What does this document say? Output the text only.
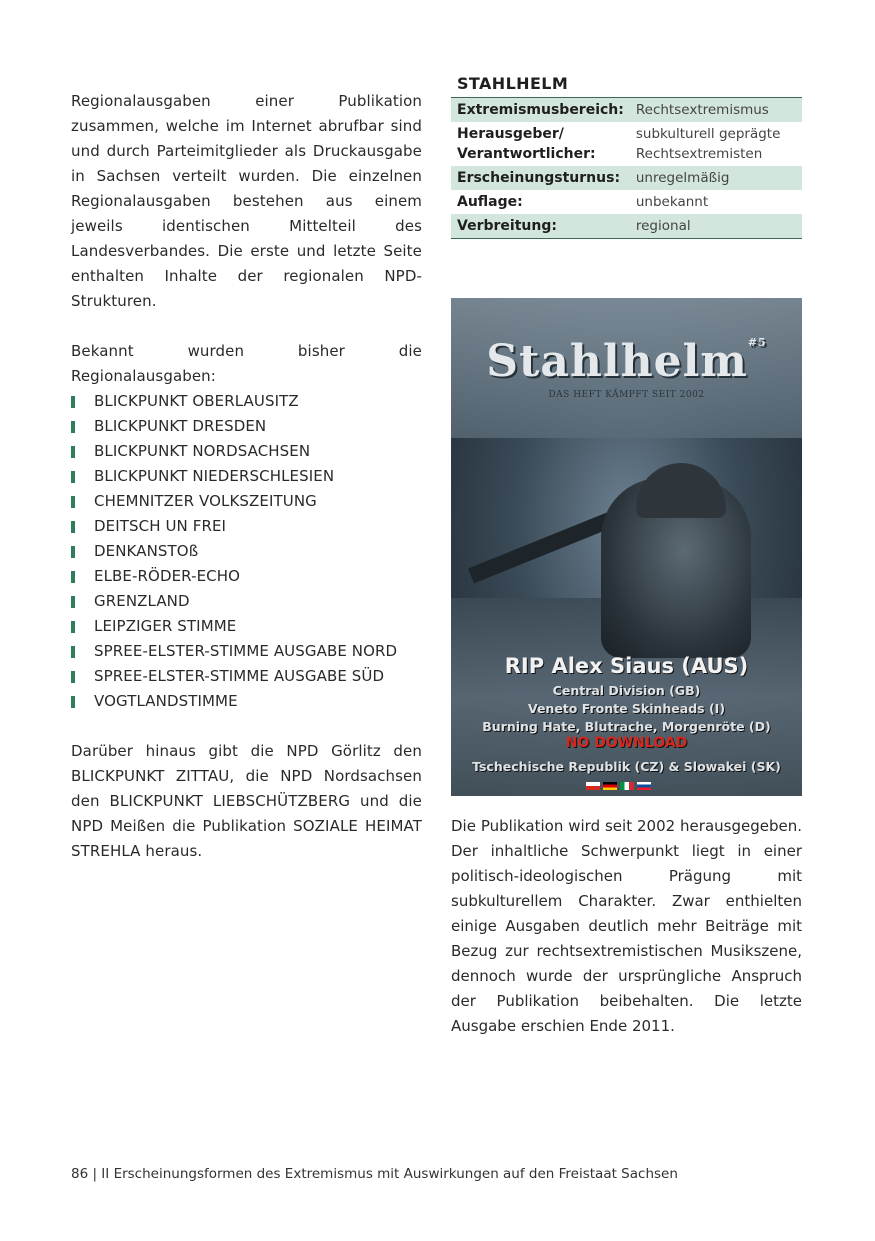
Regionalausgaben einer Publikation zusammen, welche im Internet abrufbar sind und durch Parteimitglieder als Druckausgabe in Sachsen verteilt wurden. Die einzelnen Regionalausgaben bestehen aus einem jeweils identischen Mittelteil des Landesverbandes. Die erste und letzte Seite enthalten Inhalte der regionalen NPD-Strukturen.

Bekannt wurden bisher die Regionalausgaben:

BLICKPUNKT OBERLAUSITZ
BLICKPUNKT DRESDEN
BLICKPUNKT NORDSACHSEN
BLICKPUNKT NIEDERSCHLESIEN
CHEMNITZER VOLKSZEITUNG
DEITSCH UN FREI
DENKANSTOß
ELBE-RÖDER-ECHO
GRENZLAND
LEIPZIGER STIMME
SPREE-ELSTER-STIMME AUSGABE NORD
SPREE-ELSTER-STIMME AUSGABE SÜD
VOGTLANDSTIMME

Darüber hinaus gibt die NPD Görlitz den BLICKPUNKT ZITTAU, die NPD Nordsachsen den BLICKPUNKT LIEBSCHÜTZBERG und die NPD Meißen die Publikation SOZIALE HEIMAT STREHLA heraus.

STAHLHELM
Extremismusbereich:	Rechtsextremismus
Herausgeber/ Verantwortlicher:	subkulturell geprägte Rechtsextremisten
Erscheinungsturnus:	unregelmäßig
Auflage:	unbekannt
Verbreitung:	regional
Stahlhelm$^{\#5}$
DAS HEFT KÄMPFT SEIT 2002
RIP Alex Siaus (AUS)
Central Division (GB)
Veneto Fronte Skinheads (I)
Burning Hate, Blutrache, Morgenröte (D)
NO DOWNLOAD
Tschechische Republik (CZ) & Slowakei (SK)

Die Publikation wird seit 2002 herausgegeben. Der inhaltliche Schwerpunkt liegt in einer politisch-ideologischen Prägung mit subkulturellem Charakter. Zwar enthielten einige Ausgaben deutlich mehr Beiträge mit Bezug zur rechtsextremistischen Musikszene, dennoch wurde der ursprüngliche Anspruch der Publikation beibehalten. Die letzte Ausgabe erschien Ende 2011.

86 | II Erscheinungsformen des Extremismus mit Auswirkungen auf den Freistaat Sachsen
